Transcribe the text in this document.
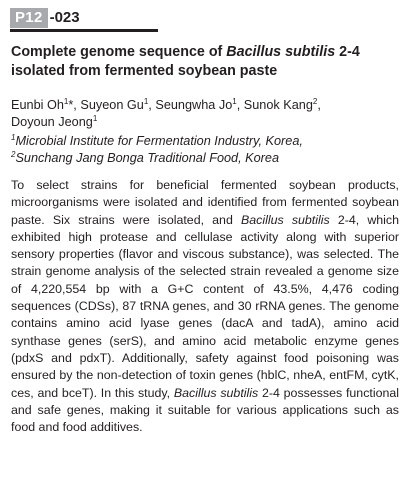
P12 -023
Complete genome sequence of Bacillus subtilis 2-4 isolated from fermented soybean paste
Eunbi Oh$^1$*, Suyeon Gu$^1$, Seungwha Jo$^1$, Sunok Kang$^2$,
Doyoun Jeong$^1$
$^1$Microbial Institute for Fermentation Industry, Korea,
$^2$Sunchang Jang Bonga Traditional Food, Korea
To select strains for beneficial fermented soybean products, microorganisms were isolated and identified from fermented soybean paste. Six strains were isolated, and Bacillus subtilis 2-4, which exhibited high protease and cellulase activity along with superior sensory properties (flavor and viscous substance), was selected. The strain genome analysis of the selected strain revealed a genome size of 4,220,554 bp with a G+C content of 43.5%, 4,476 coding sequences (CDSs), 87 tRNA genes, and 30 rRNA genes. The genome contains amino acid lyase genes (dacA and tadA), amino acid synthase genes (serS), and amino acid metabolic enzyme genes (pdxS and pdxT). Additionally, safety against food poisoning was ensured by the non-detection of toxin genes (hblC, nheA, entFM, cytK, ces, and bceT). In this study, Bacillus subtilis 2-4 possesses functional and safe genes, making it suitable for various applications such as food and food additives.
